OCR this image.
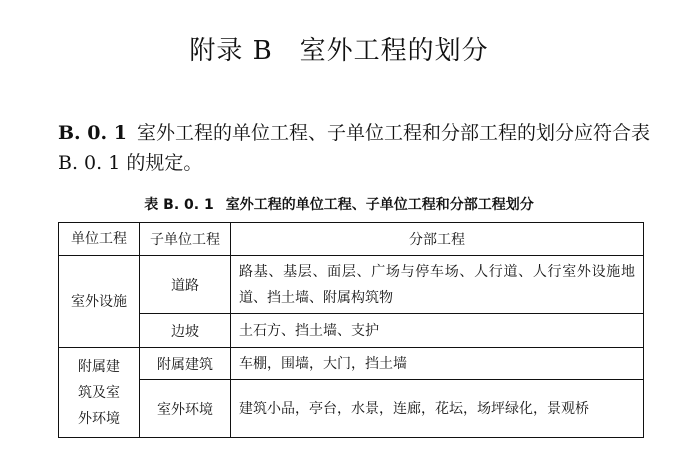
附录 B　室外工程的划分
B. 0. 1 室外工程的单位工程、子单位工程和分部工程的划分应符合表 B. 0. 1 的规定。
表 B. 0. 1 室外工程的单位工程、子单位工程和分部工程划分
单位工程	子单位工程	分部工程
室外设施	道路	路基、基层、面层、广场与停车场、人行道、人行室外设施地道、挡土墙、附属构筑物
	边坡	土石方、挡土墙、支护
附属建筑及室外环境	附属建筑	车棚，围墙，大门，挡土墙
	室外环境	建筑小品，亭台，水景，连廊，花坛，场坪绿化，景观桥
